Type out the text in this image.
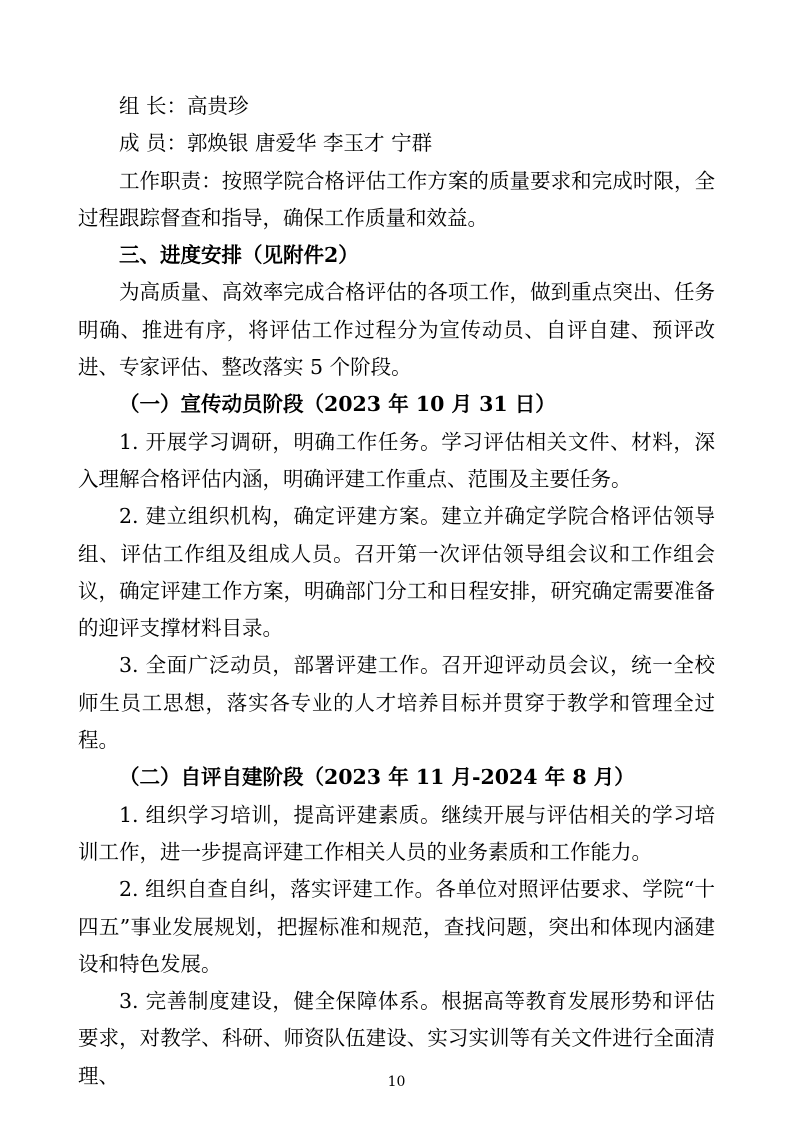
组 长：高贵珍

成 员：郭焕银 唐爱华 李玉才 宁群

工作职责：按照学院合格评估工作方案的质量要求和完成时限，全过程跟踪督查和指导，确保工作质量和效益。

三、进度安排（见附件2）

为高质量、高效率完成合格评估的各项工作，做到重点突出、任务明确、推进有序，将评估工作过程分为宣传动员、自评自建、预评改进、专家评估、整改落实 5 个阶段。

（一）宣传动员阶段（2023 年 10 月 31 日）

1. 开展学习调研，明确工作任务。学习评估相关文件、材料，深入理解合格评估内涵，明确评建工作重点、范围及主要任务。

2. 建立组织机构，确定评建方案。建立并确定学院合格评估领导组、评估工作组及组成人员。召开第一次评估领导组会议和工作组会议，确定评建工作方案，明确部门分工和日程安排，研究确定需要准备的迎评支撑材料目录。

3. 全面广泛动员，部署评建工作。召开迎评动员会议，统一全校师生员工思想，落实各专业的人才培养目标并贯穿于教学和管理全过程。

（二）自评自建阶段（2023 年 11 月-2024 年 8 月）

1. 组织学习培训，提高评建素质。继续开展与评估相关的学习培训工作，进一步提高评建工作相关人员的业务素质和工作能力。

2. 组织自查自纠，落实评建工作。各单位对照评估要求、学院“十四五”事业发展规划，把握标准和规范，查找问题，突出和体现内涵建设和特色发展。

3. 完善制度建设，健全保障体系。根据高等教育发展形势和评估要求，对教学、科研、师资队伍建设、实习实训等有关文件进行全面清理、	10
